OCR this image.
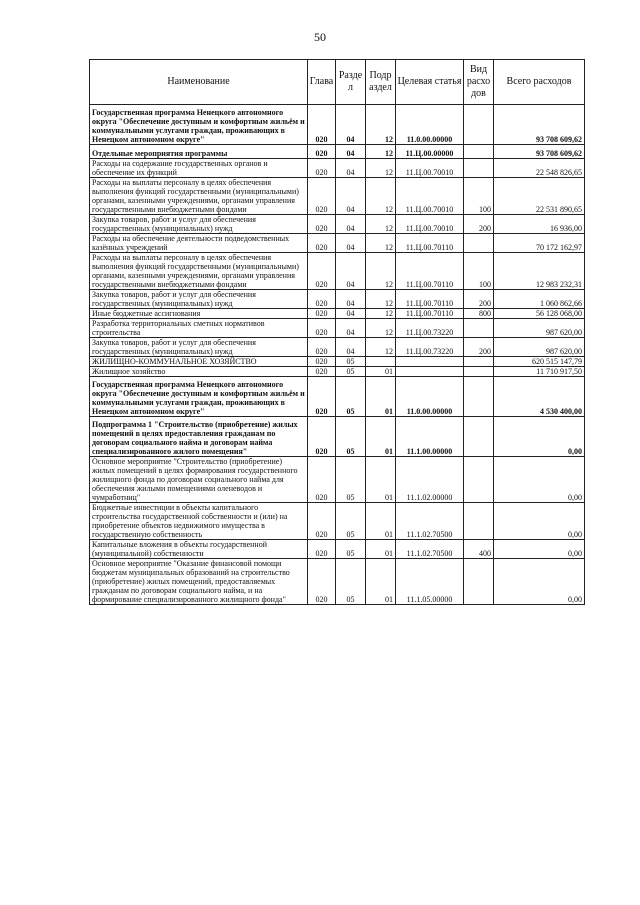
50
Наименование	Глава	Разде л	Подр аздел	Целевая статья	Вид расхо дов	Всего расходов
Государственная программа Ненецкого автономного округа "Обеспечение доступным и комфортным жильём и коммунальными услугами граждан, проживающих в Ненецком автономном округе"	020	04	12	11.0.00.00000		93 708 609,62
Отдельные мероприятия программы	020	04	12	11.Ц.00.00000		93 708 609,62
Расходы на содержание государственных органов и обеспечение их функций	020	04	12	11.Ц.00.70010		22 548 826,65
Расходы на выплаты персоналу в целях обеспечения выполнения функций государственными (муниципальными) органами, казенными учреждениями, органами управления государственными внебюджетными фондами	020	04	12	11.Ц.00.70010	100	22 531 890,65
Закупка товаров, работ и услуг для обеспечения государственных (муниципальных) нужд	020	04	12	11.Ц.00.70010	200	16 936,00
Расходы на обеспечение деятельности подведомственных казённых учреждений	020	04	12	11.Ц.00.70110		70 172 162,97
Расходы на выплаты персоналу в целях обеспечения выполнения функций государственными (муниципальными) органами, казенными учреждениями, органами управления государственными внебюджетными фондами	020	04	12	11.Ц.00.70110	100	12 983 232,31
Закупка товаров, работ и услуг для обеспечения государственных (муниципальных) нужд	020	04	12	11.Ц.00.70110	200	1 060 862,66
Иные бюджетные ассигнования	020	04	12	11.Ц.00.70110	800	56 128 068,00
Разработка территориальных сметных нормативов строительства	020	04	12	11.Ц.00.73220		987 620,00
Закупка товаров, работ и услуг для обеспечения государственных (муниципальных) нужд	020	04	12	11.Ц.00.73220	200	987 620,00
ЖИЛИЩНО-КОММУНАЛЬНОЕ ХОЗЯЙСТВО	020	05				620 515 147,79
Жилищное хозяйство	020	05	01			11 710 917,50
Государственная программа Ненецкого автономного округа "Обеспечение доступным и комфортным жильём и коммунальными услугами граждан, проживающих в Ненецком автономном округе"	020	05	01	11.0.00.00000		4 530 400,00
Подпрограмма 1 "Строительство (приобретение) жилых помещений в целях предоставления гражданам по договорам социального найма и договорам найма специализированного жилого помещения"	020	05	01	11.1.00.00000		0,00
Основное мероприятие "Строительство (приобретение) жилых помещений в целях формирования государственного жилищного фонда по договорам социального найма для обеспечения жилыми помещениями оленеводов и чумработниц"	020	05	01	11.1.02.00000		0,00
Бюджетные инвестиции в объекты капитального строительства государственной собственности и (или) на приобретение объектов недвижимого имущества в государственную собственность	020	05	01	11.1.02.70500		0,00
Капитальные вложения в объекты государственной (муниципальной) собственности	020	05	01	11.1.02.70500	400	0,00
Основное мероприятие "Оказание финансовой помощи бюджетам муниципальных образований на строительство (приобретение) жилых помещений, предоставляемых гражданам по договорам социального найма, и на формирование специализированного жилищного фонда"	020	05	01	11.1.05.00000		0,00
